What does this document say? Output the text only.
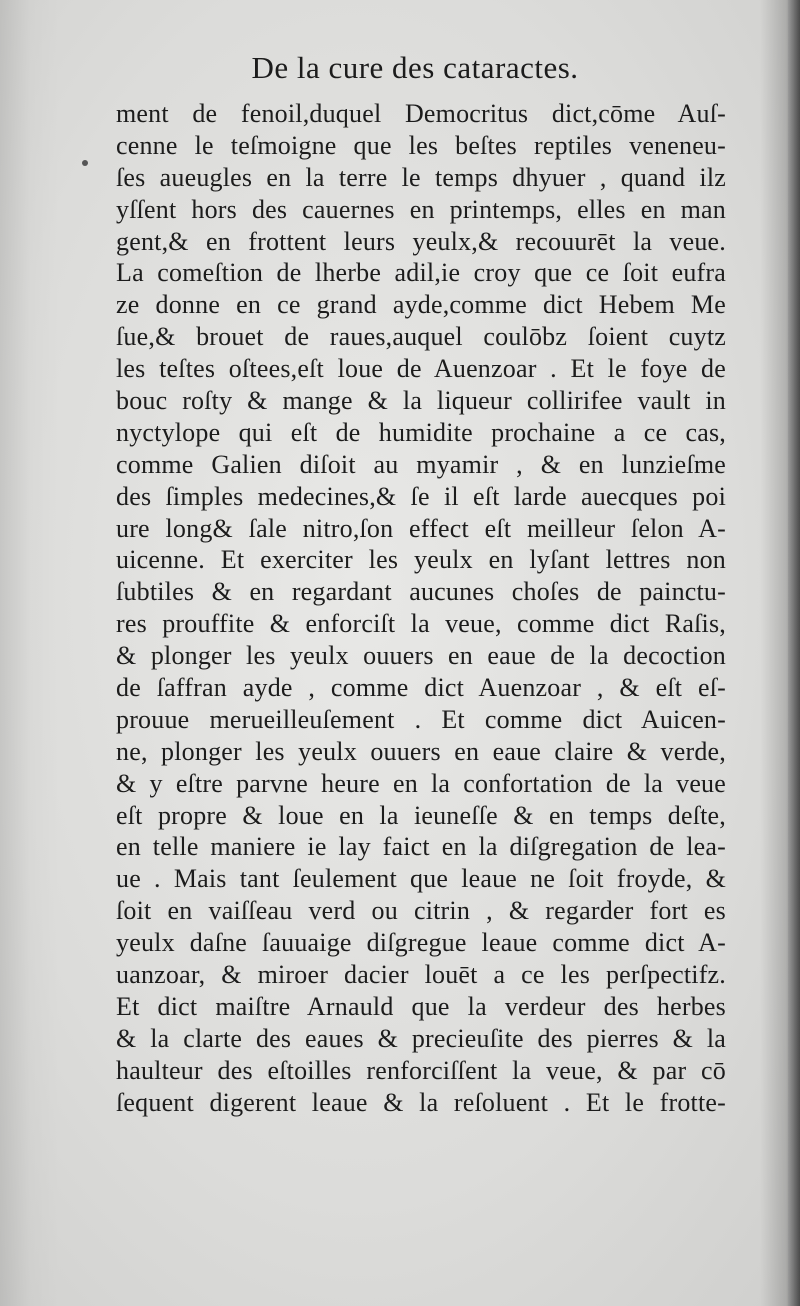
De la cure des cataractes.
ment de fenoil,duquel Democritus dict,cōme Auſ-
cenne le teſmoigne que les beſtes reptiles veneneu-
ſes aueugles en la terre le temps dhyuer , quand ilz
yſſent hors des cauernes en printemps, elles en man
gent,& en frottent leurs yeulx,& recouurēt la veue.
La comeſtion de lherbe adil,ie croy que ce ſoit eufra
ze donne en ce grand ayde,comme dict Hebem Me
ſue,& brouet de raues,auquel coulōbz ſoient cuytz
les teſtes oſtees,eſt loue de Auenzoar . Et le foye de
bouc roſty & mange & la liqueur collirifee vault in
nyctylope qui eſt de humidite prochaine a ce cas,
comme Galien diſoit au myamir , & en lunzieſme
des ſimples medecines,& ſe il eſt larde auecques poi
ure long& ſale nitro,ſon effect eſt meilleur ſelon A-
uicenne. Et exerciter les yeulx en lyſant lettres non
ſubtiles & en regardant aucunes choſes de painctu-
res prouffite & enforciſt la veue, comme dict Raſis,
& plonger les yeulx ouuers en eaue de la decoction
de ſaffran ayde , comme dict Auenzoar , & eſt eſ-
prouue merueilleuſement . Et comme dict Auicen-
ne, plonger les yeulx ouuers en eaue claire & verde,
& y eſtre parvne heure en la confortation de la veue
eſt propre & loue en la ieuneſſe & en temps deſte,
en telle maniere ie lay faict en la diſgregation de lea-
ue . Mais tant ſeulement que leaue ne ſoit froyde, &
ſoit en vaiſſeau verd ou citrin , & regarder fort es
yeulx daſne ſauuaige diſgregue leaue comme dict A-
uanzoar, & miroer dacier louēt a ce les perſpectifz.
Et dict maiſtre Arnauld que la verdeur des herbes
& la clarte des eaues & precieuſite des pierres & la
haulteur des eſtoilles renforciſſent la veue, & par cō
ſequent digerent leaue & la reſoluent . Et le frotte-
